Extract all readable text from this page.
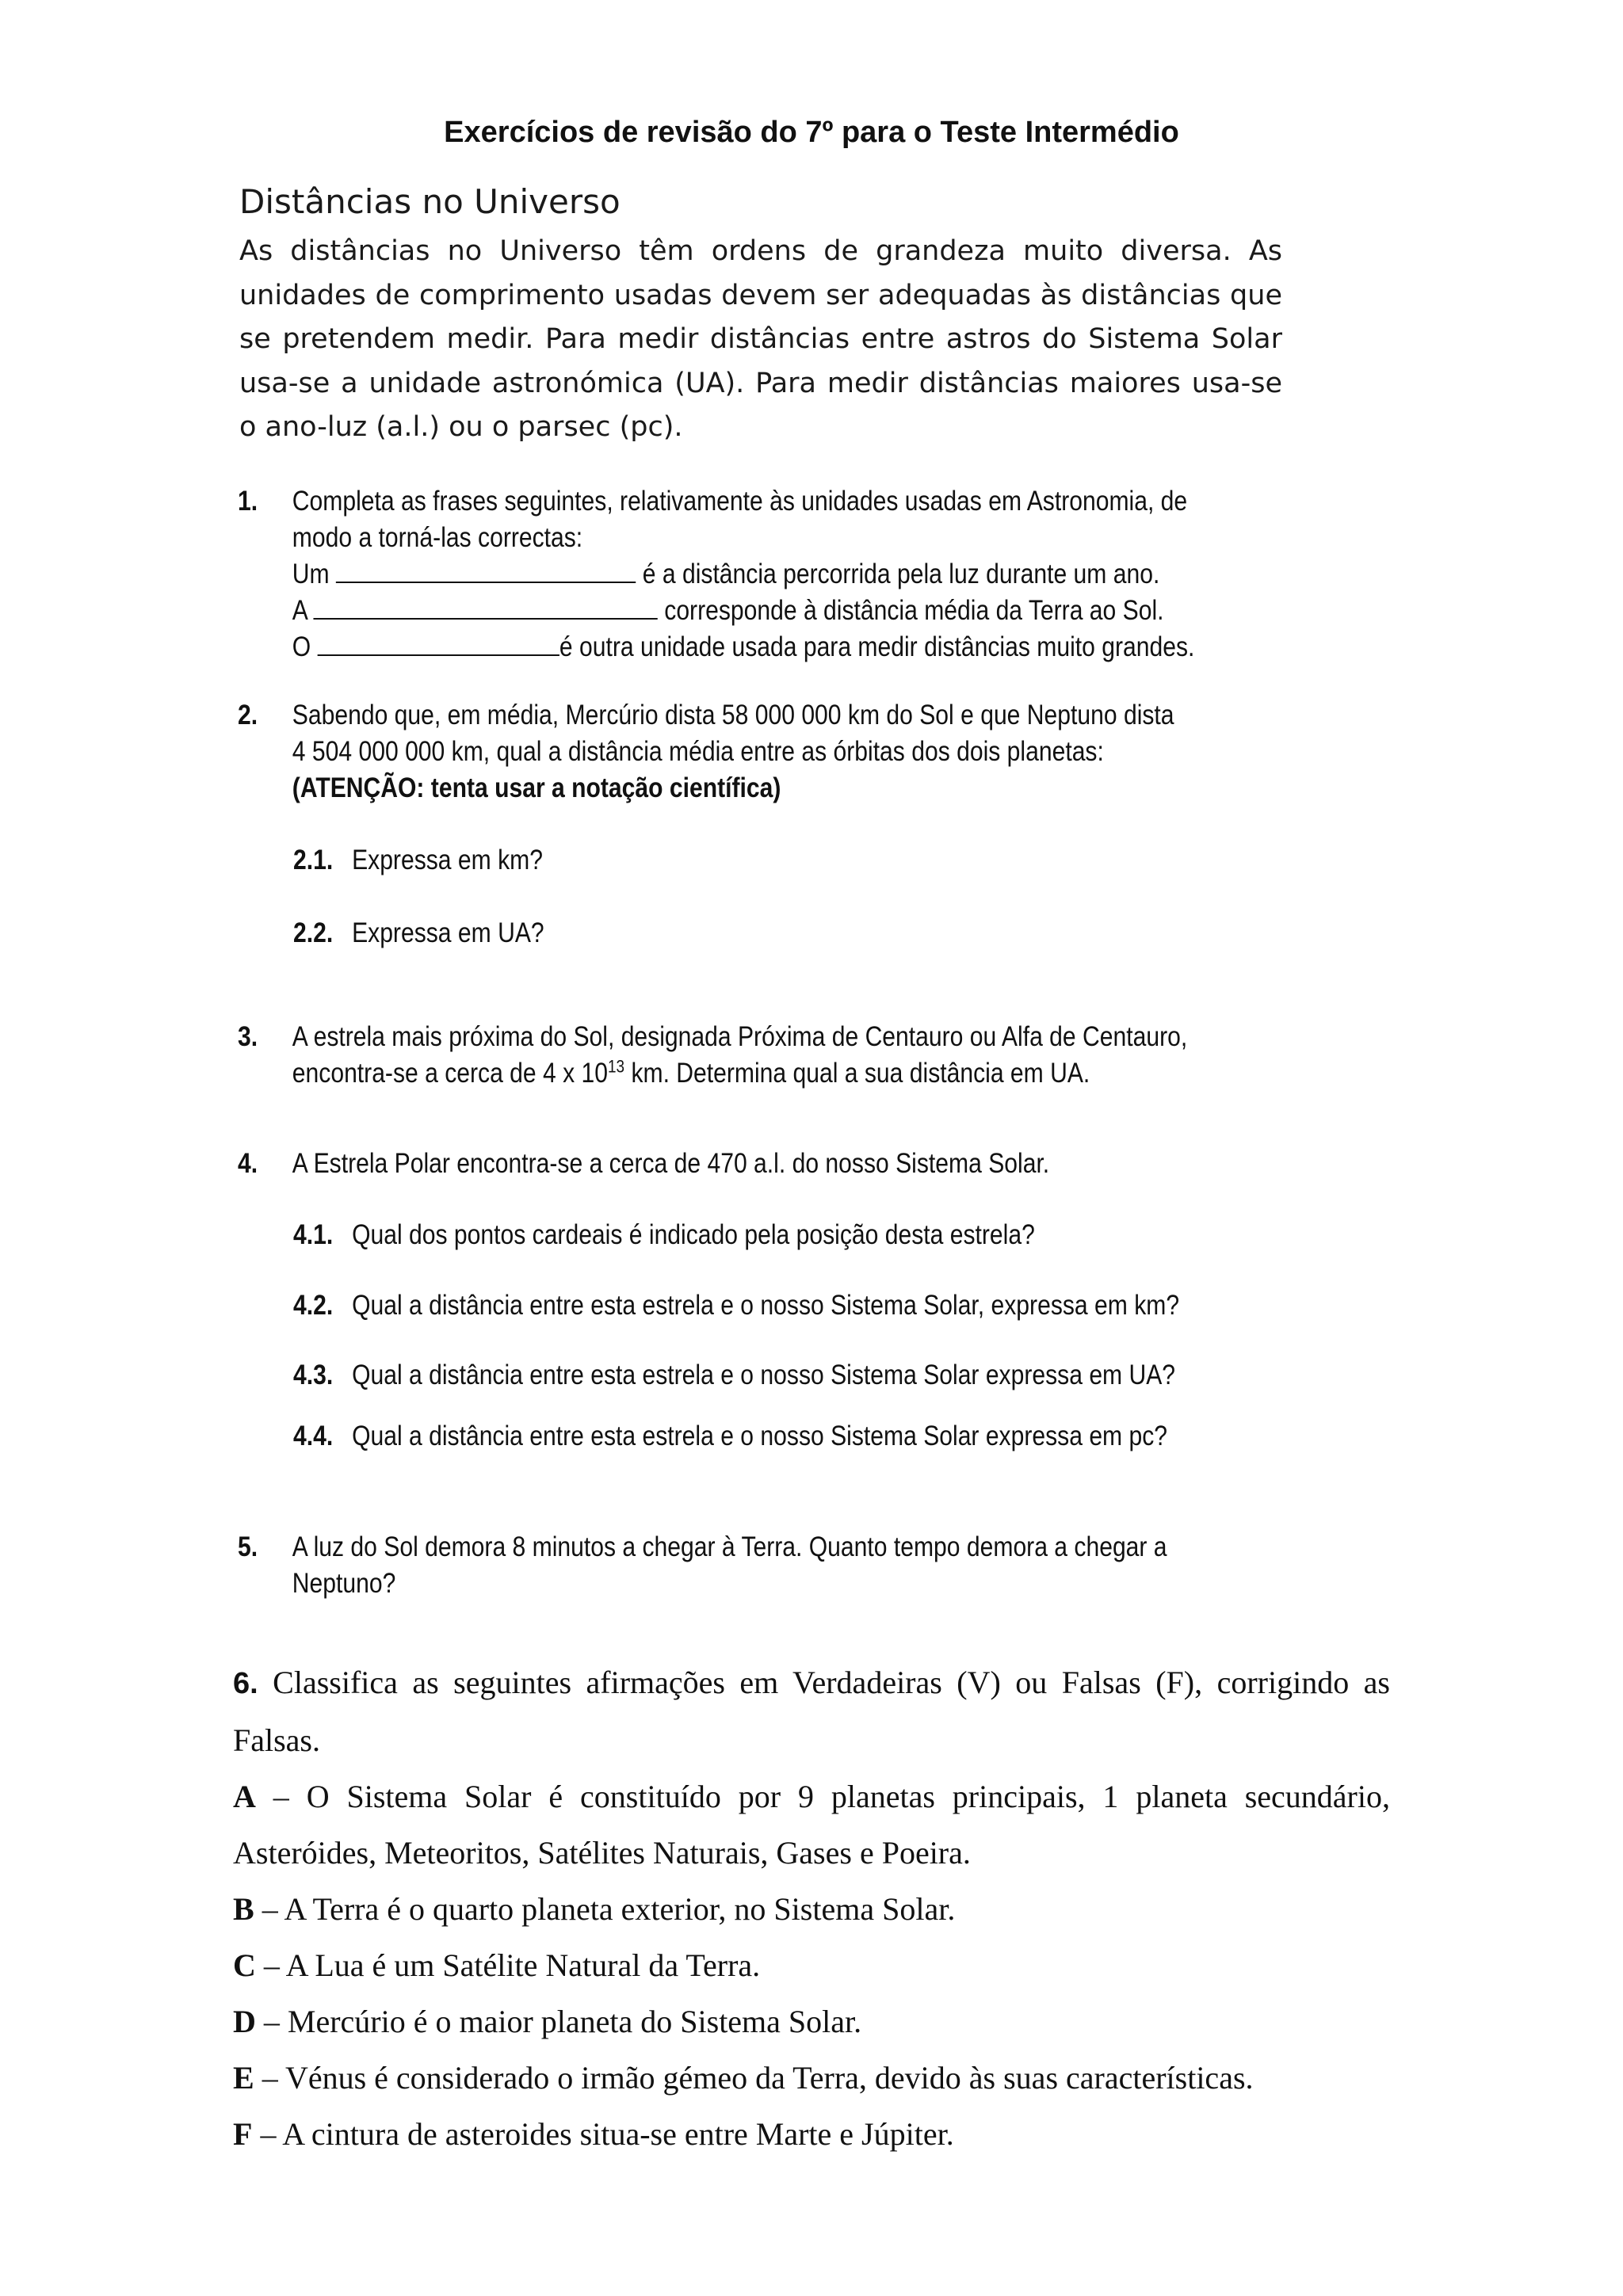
Exercícios de revisão do 7º para o Teste Intermédio
Distâncias no Universo
As distâncias no Universo têm ordens de grandeza muito diversa. As unidades de comprimento usadas devem ser adequadas às distâncias que se pretendem medir. Para medir distâncias entre astros do Sistema Solar usa-se a unidade astronómica (UA). Para medir distâncias maiores usa-se o ano-luz (a.l.) ou o parsec (pc).
1. Completa as frases seguintes, relativamente às unidades usadas em Astronomia, de
modo a torná-las correctas:
Um	é a distância percorrida pela luz durante um ano.
A	corresponde à distância média da Terra ao Sol.
O	é outra unidade usada para medir distâncias muito grandes.
2. Sabendo que, em média, Mercúrio dista 58 000 000 km do Sol e que Neptuno dista
4 504 000 000 km, qual a distância média entre as órbitas dos dois planetas:
(ATENÇÃO: tenta usar a notação científica)
2.1. Expressa em km?
2.2. Expressa em UA?
3. A estrela mais próxima do Sol, designada Próxima de Centauro ou Alfa de Centauro,
encontra-se a cerca de 4 x $10^{13}$ km. Determina qual a sua distância em UA.
4. A Estrela Polar encontra-se a cerca de 470 a.l. do nosso Sistema Solar.
4.1. Qual dos pontos cardeais é indicado pela posição desta estrela?
4.2. Qual a distância entre esta estrela e o nosso Sistema Solar, expressa em km?
4.3. Qual a distância entre esta estrela e o nosso Sistema Solar expressa em UA?
4.4. Qual a distância entre esta estrela e o nosso Sistema Solar expressa em pc?
5. A luz do Sol demora 8 minutos a chegar à Terra. Quanto tempo demora a chegar a
Neptuno?
6. Classifica as seguintes afirmações em Verdadeiras (V) ou Falsas (F), corrigindo as Falsas.
A – O Sistema Solar é constituído por 9 planetas principais, 1 planeta secundário, Asteróides, Meteoritos, Satélites Naturais, Gases e Poeira.
B – A Terra é o quarto planeta exterior, no Sistema Solar.
C – A Lua é um Satélite Natural da Terra.
D – Mercúrio é o maior planeta do Sistema Solar.
E – Vénus é considerado o irmão gémeo da Terra, devido às suas características.
F – A cintura de asteroides situa-se entre Marte e Júpiter.
